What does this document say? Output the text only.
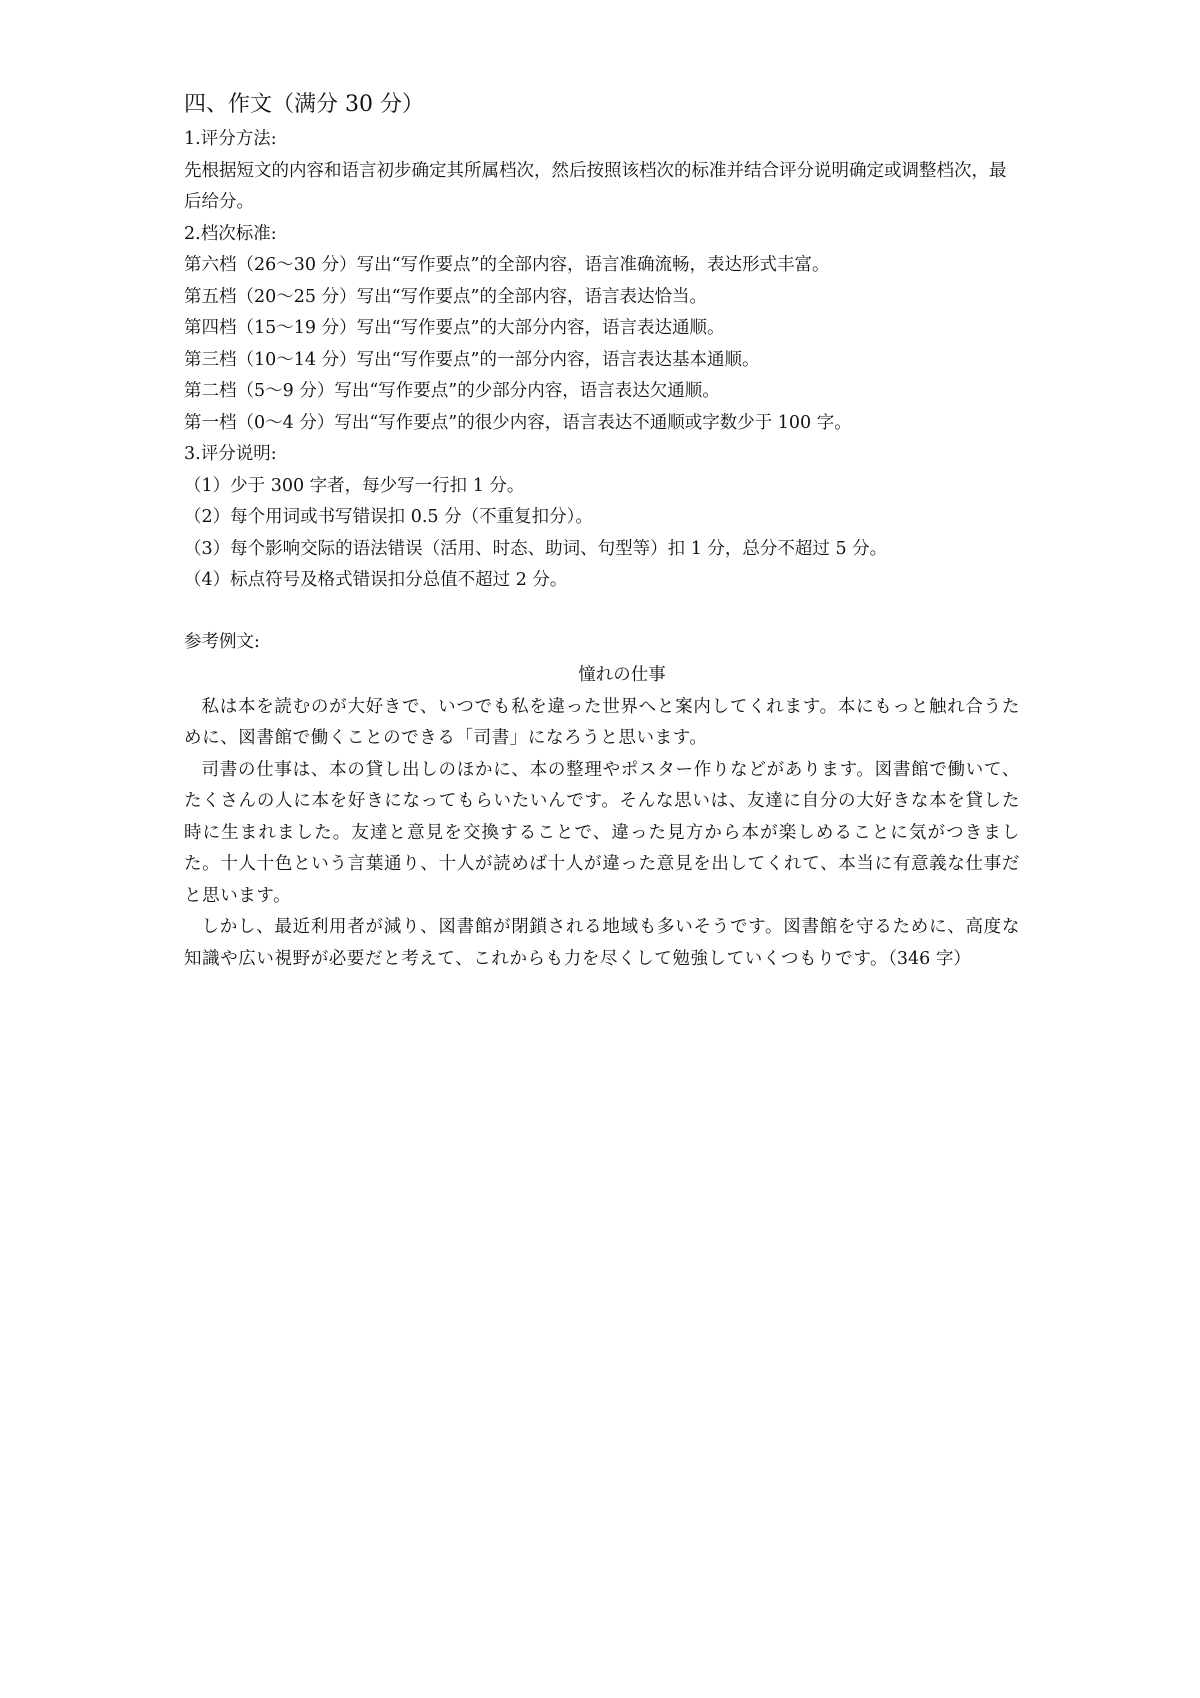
四、作文（满分 30 分）

1.评分方法:

先根据短文的内容和语言初步确定其所属档次，然后按照该档次的标准并结合评分说明确定或调整档次，最后给分。

2.档次标准:

第六档（26～30 分）写出“写作要点”的全部内容，语言准确流畅，表达形式丰富。

第五档（20～25 分）写出“写作要点”的全部内容，语言表达恰当。

第四档（15～19 分）写出“写作要点”的大部分内容，语言表达通顺。

第三档（10～14 分）写出“写作要点”的一部分内容，语言表达基本通顺。

第二档（5～9 分）写出“写作要点”的少部分内容，语言表达欠通顺。

第一档（0～4 分）写出“写作要点”的很少内容，语言表达不通顺或字数少于 100 字。

3.评分说明:

（1）少于 300 字者，每少写一行扣 1 分。

（2）每个用词或书写错误扣 0.5 分（不重复扣分）。

（3）每个影响交际的语法错误（活用、时态、助词、句型等）扣 1 分，总分不超过 5 分。

（4）标点符号及格式错误扣分总值不超过 2 分。

参考例文:

憧れの仕事

私は本を読むのが大好きで、いつでも私を違った世界へと案内してくれます。本にもっと触れ合うために、図書館で働くことのできる「司書」になろうと思います。

司書の仕事は、本の貸し出しのほかに、本の整理やポスター作りなどがあります。図書館で働いて、たくさんの人に本を好きになってもらいたいんです。そんな思いは、友達に自分の大好きな本を貸した時に生まれました。友達と意見を交換することで、違った見方から本が楽しめることに気がつきました。十人十色という言葉通り、十人が読めば十人が違った意見を出してくれて、本当に有意義な仕事だと思います。

しかし、最近利用者が減り、図書館が閉鎖される地域も多いそうです。図書館を守るために、高度な知識や広い視野が必要だと考えて、これからも力を尽くして勉強していくつもりです。（346 字）
